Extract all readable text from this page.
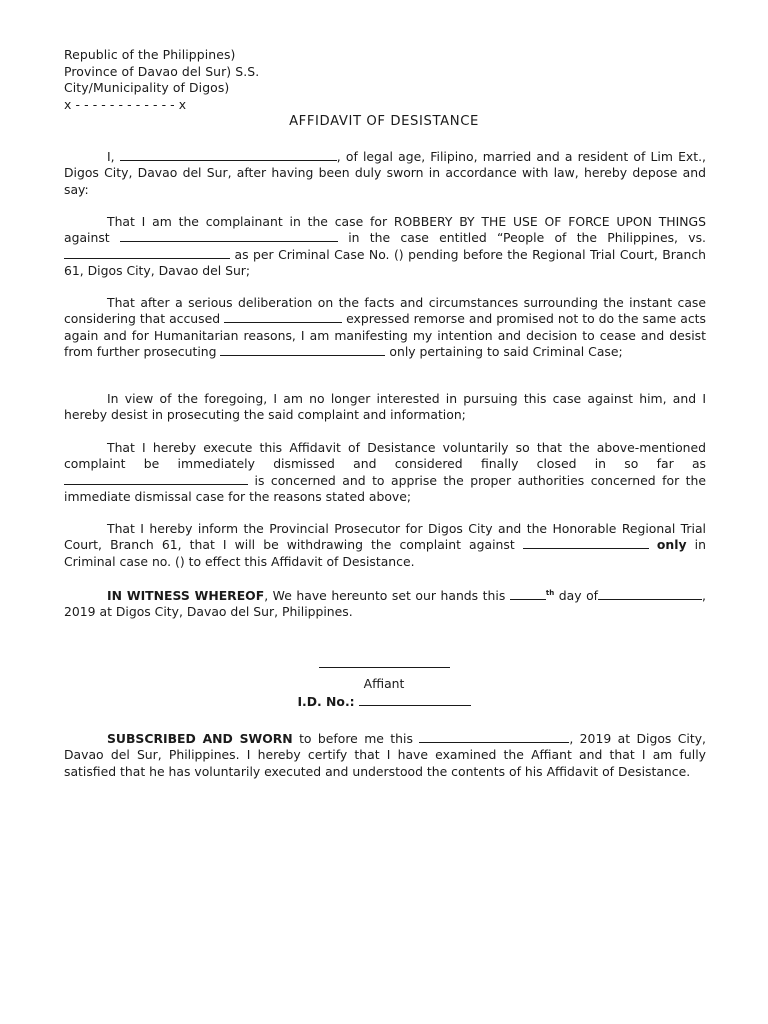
Republic of the Philippines)
Province of Davao del Sur) S.S.
City/Municipality of Digos)
x - - - - - - - - - - - - x
AFFIDAVIT OF DESISTANCE

I,	, of legal age, Filipino, married and a resident of Lim Ext., Digos City, Davao del Sur, after having been duly sworn in accordance with law, hereby depose and say:

That I am the complainant in the case for ROBBERY BY THE USE OF FORCE UPON THINGS against	in the case entitled “People of the Philippines, vs.  as per Criminal Case No. () pending before the Regional Trial Court, Branch 61, Digos City, Davao del Sur;

That after a serious deliberation on the facts and circumstances surrounding the instant case considering that accused	expressed remorse and promised not to do the same acts again and for Humanitarian reasons, I am manifesting my intention and decision to cease and desist from further prosecuting	only pertaining to said Criminal Case;

In view of the foregoing, I am no longer interested in pursuing this case against him, and I hereby desist in prosecuting the said complaint and information;

That I hereby execute this Affidavit of Desistance voluntarily so that the above-mentioned complaint be immediately dismissed and considered finally closed in so far as  is concerned and to apprise the proper authorities concerned for the immediate dismissal case for the reasons stated above;

That I hereby inform the Provincial Prosecutor for Digos City and the Honorable Regional Trial Court, Branch 61, that I will be withdrawing the complaint against	only in Criminal case no. () to effect this Affidavit of Desistance.

IN WITNESS WHEREOF, We have hereunto set our hands this	$^{th}$ day of	, 2019 at Digos City, Davao del Sur, Philippines.

Affiant
I.D. No.:

SUBSCRIBED AND SWORN to before me this	, 2019 at Digos City, Davao del Sur, Philippines. I hereby certify that I have examined the Affiant and that I am fully satisfied that he has voluntarily executed and understood the contents of his Affidavit of Desistance.
